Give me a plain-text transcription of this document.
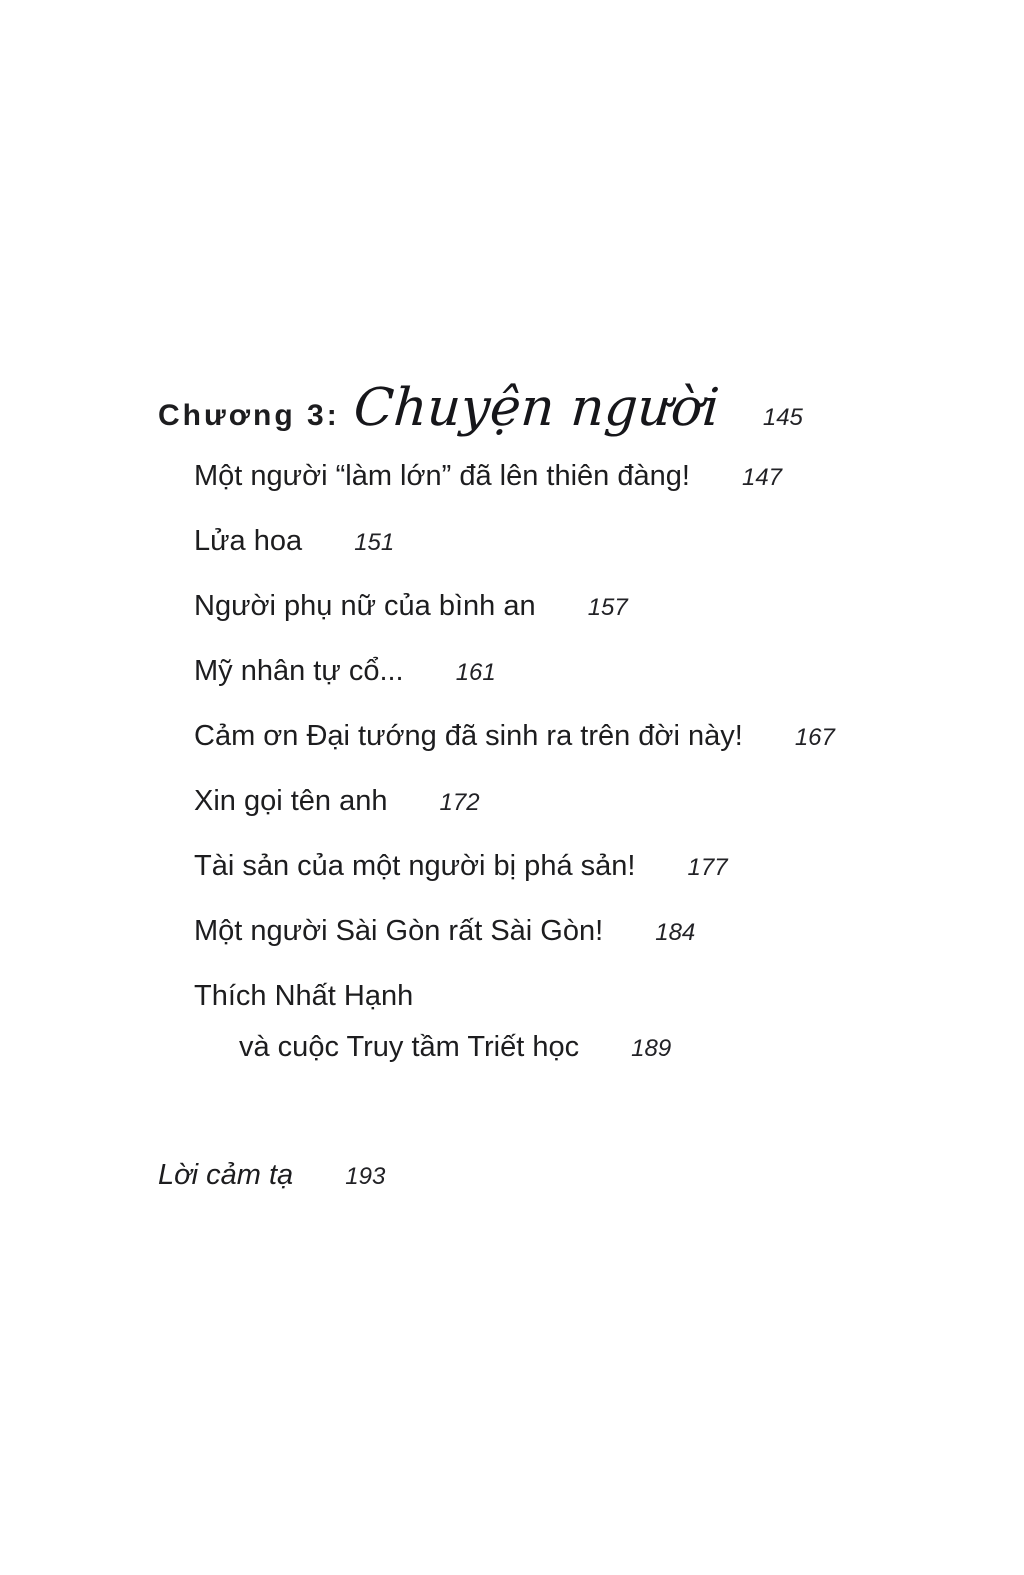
Chương 3: Chuyện người 145
Một người “làm lớn” đã lên thiên đàng! 147
Lửa hoa 151
Người phụ nữ của bình an 157
Mỹ nhân tự cổ... 161
Cảm ơn Đại tướng đã sinh ra trên đời này! 167
Xin gọi tên anh 172
Tài sản của một người bị phá sản! 177
Một người Sài Gòn rất Sài Gòn! 184
Thích Nhất Hạnh
và cuộc Truy tầm Triết học 189
Lời cảm tạ 193
